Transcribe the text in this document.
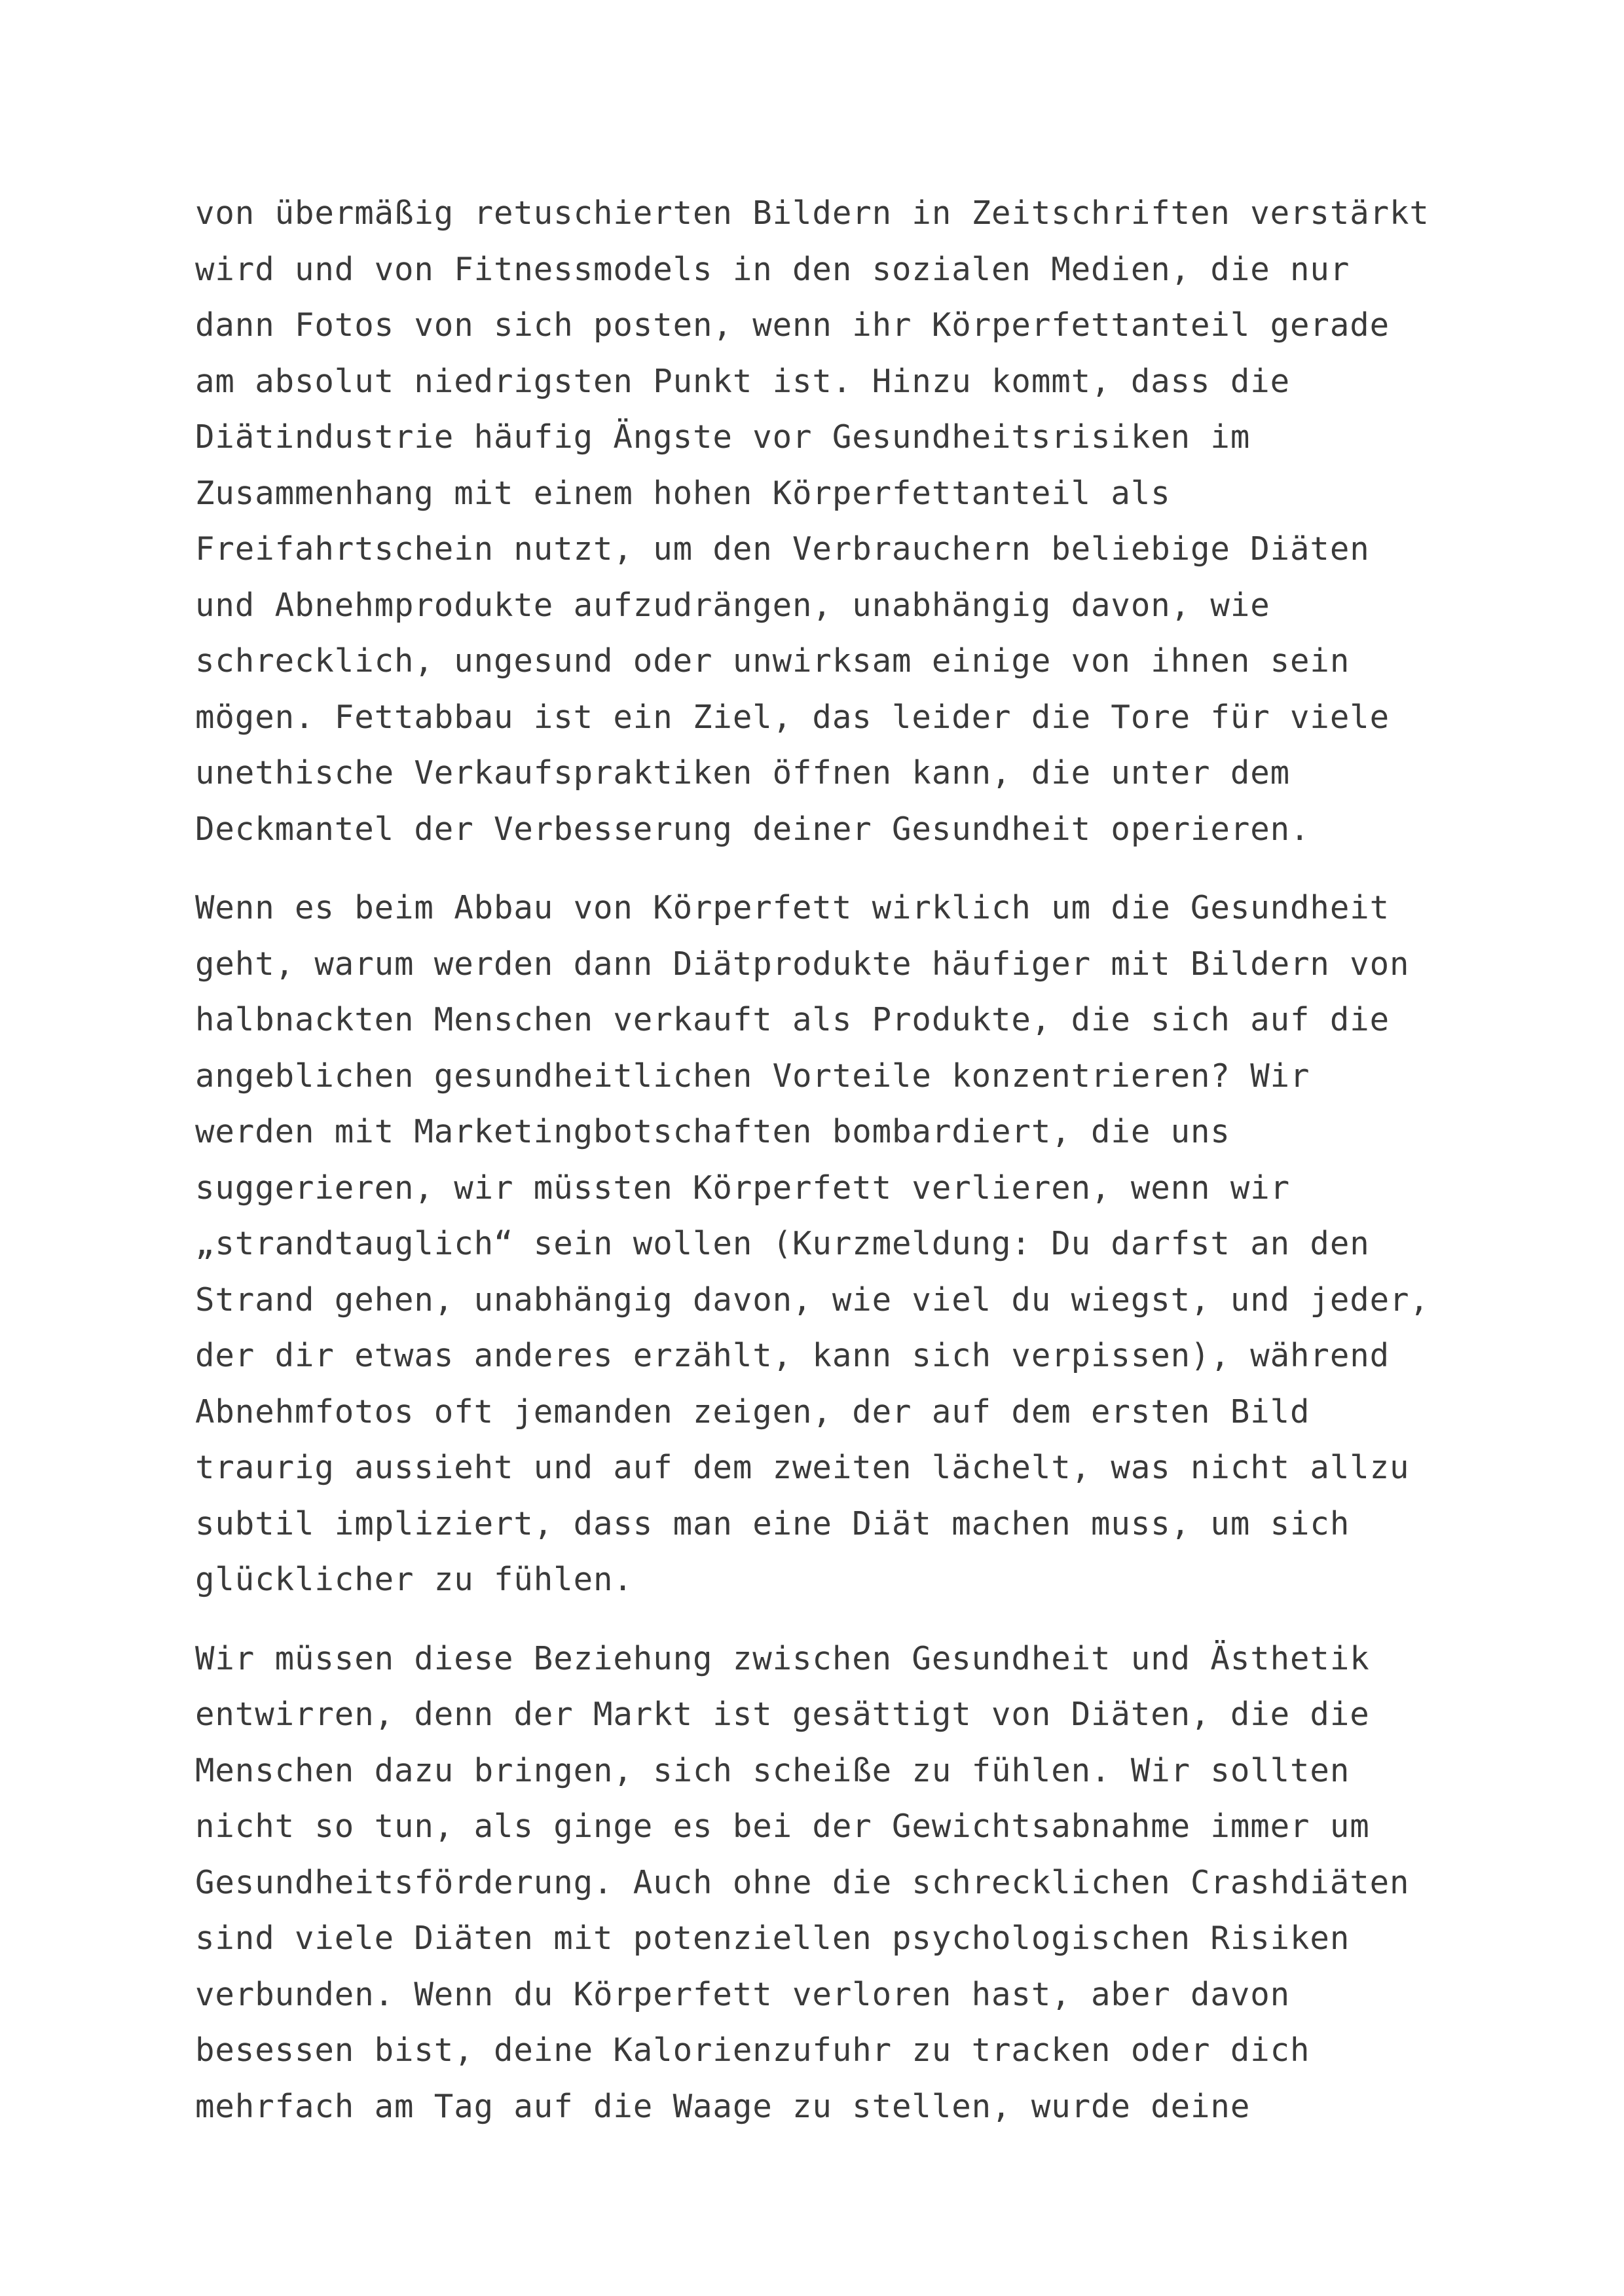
von übermäßig retuschierten Bildern in Zeitschriften verstärkt
wird und von Fitnessmodels in den sozialen Medien, die nur
dann Fotos von sich posten, wenn ihr Körperfettanteil gerade
am absolut niedrigsten Punkt ist. Hinzu kommt, dass die
Diätindustrie häufig Ängste vor Gesundheitsrisiken im
Zusammenhang mit einem hohen Körperfettanteil als
Freifahrtschein nutzt, um den Verbrauchern beliebige Diäten
und Abnehmprodukte aufzudrängen, unabhängig davon, wie
schrecklich, ungesund oder unwirksam einige von ihnen sein
mögen. Fettabbau ist ein Ziel, das leider die Tore für viele
unethische Verkaufspraktiken öffnen kann, die unter dem
Deckmantel der Verbesserung deiner Gesundheit operieren.
Wenn es beim Abbau von Körperfett wirklich um die Gesundheit
geht, warum werden dann Diätprodukte häufiger mit Bildern von
halbnackten Menschen verkauft als Produkte, die sich auf die
angeblichen gesundheitlichen Vorteile konzentrieren? Wir
werden mit Marketingbotschaften bombardiert, die uns
suggerieren, wir müssten Körperfett verlieren, wenn wir
„strandtauglich“ sein wollen (Kurzmeldung: Du darfst an den
Strand gehen, unabhängig davon, wie viel du wiegst, und jeder,
der dir etwas anderes erzählt, kann sich verpissen), während
Abnehmfotos oft jemanden zeigen, der auf dem ersten Bild
traurig aussieht und auf dem zweiten lächelt, was nicht allzu
subtil impliziert, dass man eine Diät machen muss, um sich
glücklicher zu fühlen.
Wir müssen diese Beziehung zwischen Gesundheit und Ästhetik
entwirren, denn der Markt ist gesättigt von Diäten, die die
Menschen dazu bringen, sich scheiße zu fühlen. Wir sollten
nicht so tun, als ginge es bei der Gewichtsabnahme immer um
Gesundheitsförderung. Auch ohne die schrecklichen Crashdiäten
sind viele Diäten mit potenziellen psychologischen Risiken
verbunden. Wenn du Körperfett verloren hast, aber davon
besessen bist, deine Kalorienzufuhr zu tracken oder dich
mehrfach am Tag auf die Waage zu stellen, wurde deine
